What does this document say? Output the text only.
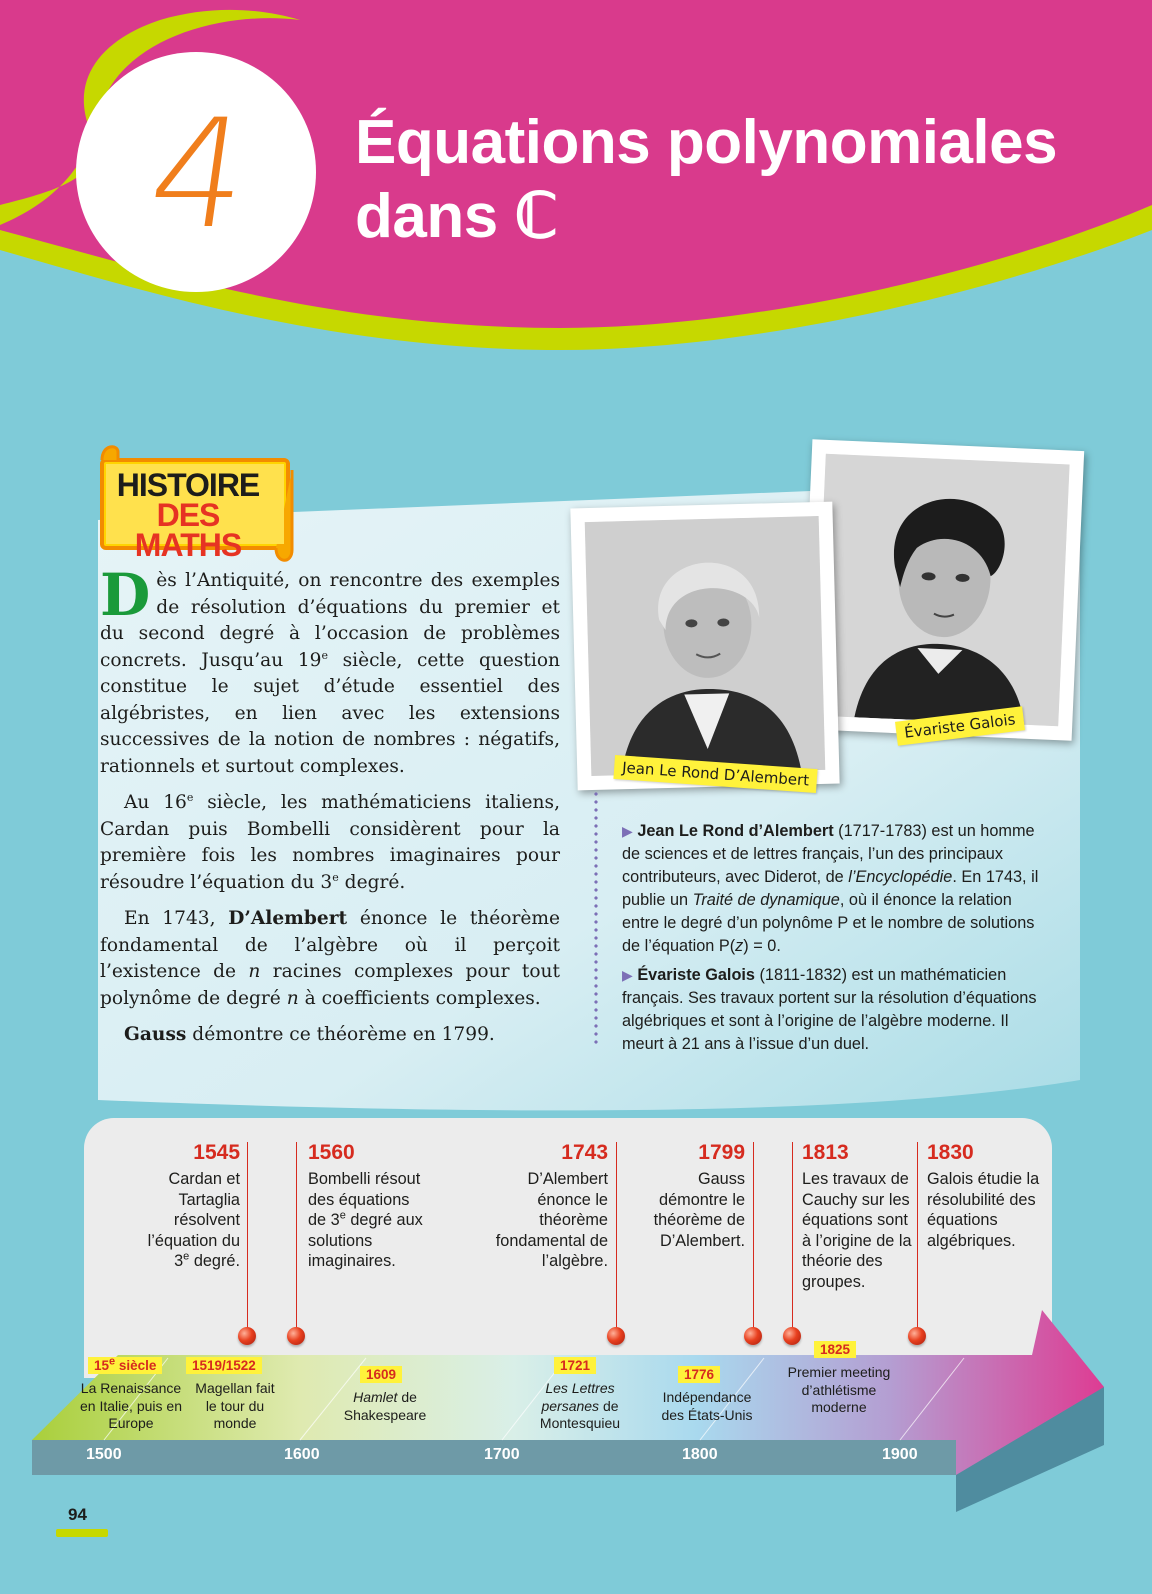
4	Équations polynomiales
dans ℂ
HISTOIRE
DES MATHS

Dès l’Antiquité, on rencontre des exemples de résolution d’équations du premier et du second degré à l’occasion de problèmes concrets. Jusqu’au 19e siècle, cette question constitue le sujet d’étude essentiel des algébristes, en lien avec les extensions successives de la notion de nombres : négatifs, rationnels et surtout complexes.

Au 16e siècle, les mathématiciens italiens, Cardan puis Bombelli considèrent pour la première fois les nombres imaginaires pour résoudre l’équation du 3e degré.

En 1743, D’Alembert énonce le théorème fondamental de l’algèbre où il perçoit l’existence de n racines complexes pour tout polynôme de degré n à coefficients complexes.

Gauss démontre ce théorème en 1799.

Évariste Galois
Jean Le Rond D’Alembert

▶ Jean Le Rond d’Alembert (1717-1783) est un homme de sciences et de lettres français, l’un des principaux contributeurs, avec Diderot, de l’Encyclopédie. En 1743, il publie un Traité de dynamique, où il énonce la relation entre le degré d’un polynôme P et le nombre de solutions de l’équation P(z) = 0.

▶ Évariste Galois (1811-1832) est un mathématicien français. Ses travaux portent sur la résolution d’équations algébriques et sont à l’origine de l’algèbre moderne. Il meurt à 21 ans à l’issue d’un duel.

1545
Cardan et Tartaglia résolvent l’équation du 3e degré.
1560
Bombelli résout des équations de 3e degré aux solutions imaginaires.
1743
D’Alembert énonce le théorème fondamental de l’algèbre.
1799
Gauss démontre le théorème de D’Alembert.
1813
Les travaux de Cauchy sur les équations sont à l’origine de la théorie des groupes.
1830
Galois étudie la résolubilité des équations algébriques.
15e siècle
La Renaissance en Italie, puis en Europe
1519/1522
Magellan fait le tour du monde
1609
Hamlet de Shakespeare
1721
Les Lettres persanes de Montesquieu
1776
Indépendance des États-Unis
1825
Premier meeting d’athlétisme moderne
1500	1600	1700	1800	1900
94
